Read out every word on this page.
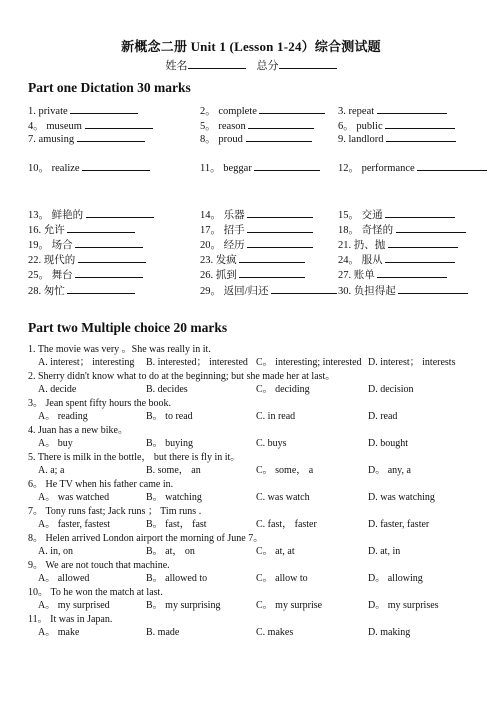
新概念二册 Unit 1 (Lesson 1-24）综合测试题
姓名	总分
Part one Dictation 30 marks
1. private	2。 complete	3. repeat
4。 museum	5。 reason	6。 public
7. amusing	8。 proud	9. landlord
10。 realize	11。 beggar	12。 performance
13。 鲜艳的	14。 乐器	15。 交通
16. 允许	17。 招手	18。 奇怪的
19。 场合	20。 经历	21. 扔、抛
22. 现代的	23. 发疯	24。 服从
25。 舞台	26. 抓到	27. 账单
28. 匆忙	29。 返回/归还	30. 负担得起
Part two Multiple choice 20 marks
1. The movie was very 。She was really in it.
A. interest； interesting B. interested； interested C。 interesting; interested D. interest； interests
2. Sherry didn't know what to do at the beginning; but she made her at last。
A. decide	B. decides	C。 deciding	D. decision
3。 Jean spent fifty hours the book.
A。 reading	B。 to read	C. in read	D. read
4. Juan has a new bike。
A。 buy	B。 buying	C. buys	D. bought
5. There is milk in the bottle， but there is fly in it。
A. a; a	B. some， an	C。 some， a	D。 any, a
6。 He TV when his father came in.
A。 was watched	B。 watching	C. was watch	D. was watching
7。 Tony runs fast; Jack runs ； Tim runs .
A。 faster, fastest	B。 fast， fast	C. fast， faster	D. faster, faster
8。 Helen arrived London airport the morning of June 7。
A. in, on	B。 at， on	C。 at, at	D. at, in
9。 We are not touch that machine.
A。 allowed	B。 allowed to	C。 allow to	D。 allowing
10。 To he won the match at last.
A。 my surprised	B。 my surprising	C。 my surprise	D。 my surprises
11。 It was in Japan.
A。 make	B. made	C. makes	D. making
